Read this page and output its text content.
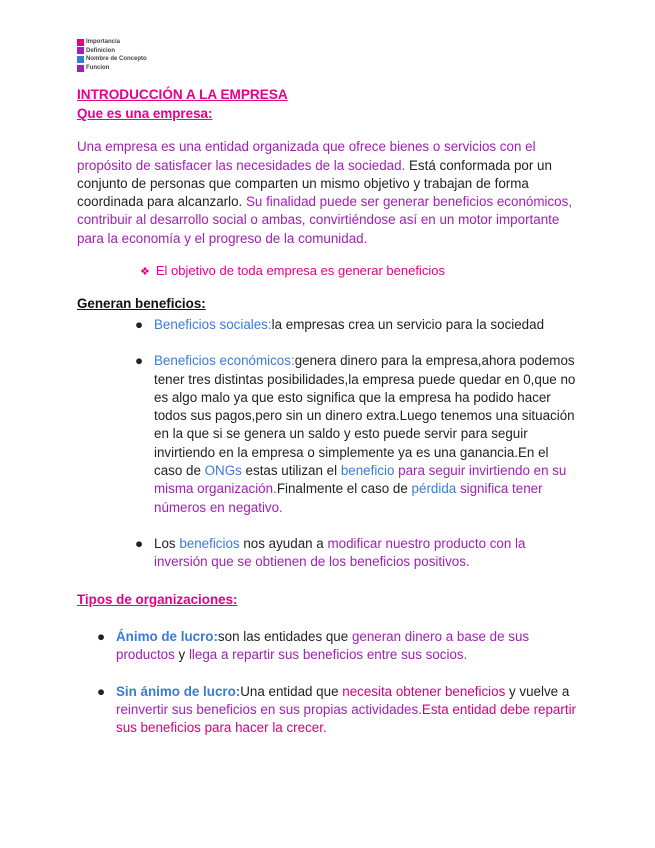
Importancia
Definicion
Nombre de Concepto
Funcion
INTRODUCCIÓN A LA EMPRESA
Que es una empresa:

Una empresa es una entidad organizada que ofrece bienes o servicios con el propósito de satisfacer las necesidades de la sociedad. Está conformada por un conjunto de personas que comparten un mismo objetivo y trabajan de forma coordinada para alcanzarlo. Su finalidad puede ser generar beneficios económicos, contribuir al desarrollo social o ambas, convirtiéndose así en un motor importante para la economía y el progreso de la comunidad.

❖ El objetivo de toda empresa es generar beneficios
Generan beneficios:
● Beneficios sociales:la empresas crea un servicio para la sociedad
● Beneficios económicos:genera dinero para la empresa,ahora podemos tener tres distintas posibilidades,la empresa puede quedar en 0,que no es algo malo ya que esto significa que la empresa ha podido hacer todos sus pagos,pero sin un dinero extra.Luego tenemos una situación en la que si se genera un saldo y esto puede servir para seguir invirtiendo en la empresa o simplemente ya es una ganancia.En el caso de ONGs estas utilizan el beneficio para seguir invirtiendo en su misma organización.Finalmente el caso de pérdida significa tener números en negativo.
● Los beneficios nos ayudan a modificar nuestro producto con la inversión que se obtienen de los beneficios positivos.
Tipos de organizaciones:
● Ánimo de lucro:son las entidades que generan dinero a base de sus productos y llega a repartir sus beneficios entre sus socios.
● Sin ánimo de lucro:Una entidad que necesita obtener beneficios y vuelve a reinvertir sus beneficios en sus propias actividades.Esta entidad debe repartir sus beneficios para hacer la crecer.
